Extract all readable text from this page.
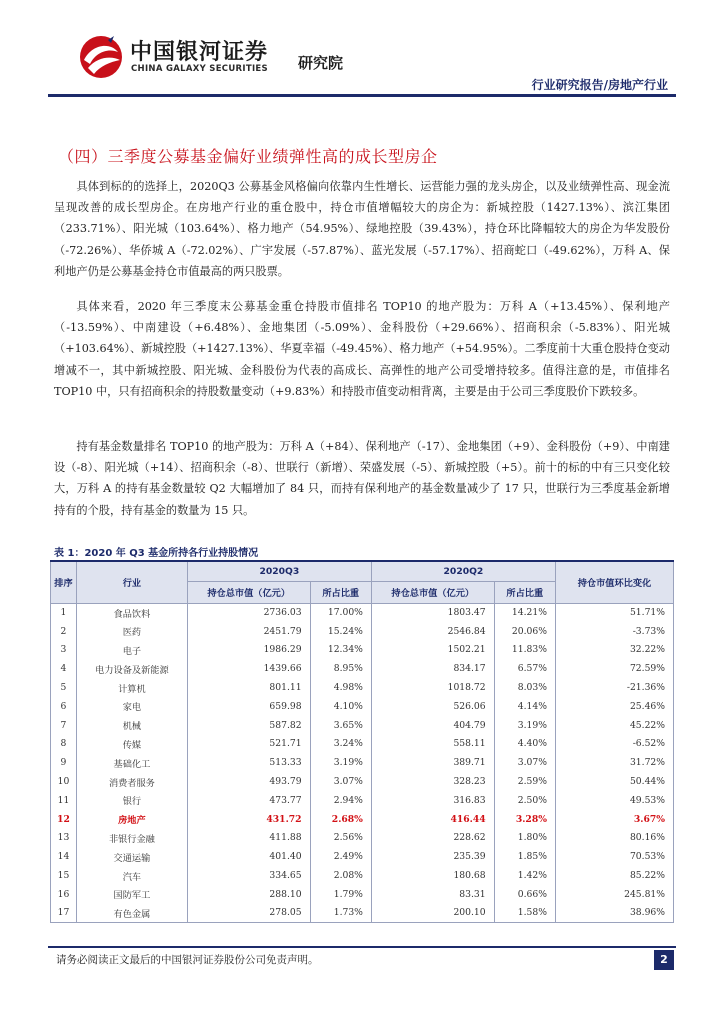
中国银河证券
CHINA GALAXY SECURITIES 研究院
行业研究报告/房地产行业
（四）三季度公募基金偏好业绩弹性高的成长型房企

具体到标的的选择上，2020Q3 公募基金风格偏向依靠内生性增长、运营能力强的龙头房企，以及业绩弹性高、现金流呈现改善的成长型房企。在房地产行业的重仓股中，持仓市值增幅较大的房企为：新城控股（1427.13%）、滨江集团（233.71%）、阳光城（103.64%）、格力地产（54.95%）、绿地控股（39.43%），持仓环比降幅较大的房企为华发股份（-72.26%）、华侨城 A（-72.02%）、广宇发展（-57.87%）、蓝光发展（-57.17%）、招商蛇口（-49.62%），万科 A、保利地产仍是公募基金持仓市值最高的两只股票。

具体来看，2020 年三季度末公募基金重仓持股市值排名 TOP10 的地产股为：万科 A（+13.45%）、保利地产（-13.59%）、中南建设（+6.48%）、金地集团（-5.09%）、金科股份（+29.66%）、招商积余（-5.83%）、阳光城（+103.64%）、新城控股（+1427.13%）、华夏幸福（-49.45%）、格力地产（+54.95%）。二季度前十大重仓股持仓变动增减不一，其中新城控股、阳光城、金科股份为代表的高成长、高弹性的地产公司受增持较多。值得注意的是，市值排名 TOP10 中，只有招商积余的持股数量变动（+9.83%）和持股市值变动相背离，主要是由于公司三季度股价下跌较多。

持有基金数量排名 TOP10 的地产股为：万科 A（+84）、保利地产（-17）、金地集团（+9）、金科股份（+9）、中南建设（-8）、阳光城（+14）、招商积余（-8）、世联行（新增）、荣盛发展（-5）、新城控股（+5）。前十的标的中有三只变化较大，万科 A 的持有基金数量较 Q2 大幅增加了 84 只，而持有保利地产的基金数量减少了 17 只，世联行为三季度基金新增持有的个股，持有基金的数量为 15 只。

表 1：2020 年 Q3 基金所持各行业持股情况
排序	行业	2020Q3		2020Q2		持仓市值环比变化
		持仓总市值（亿元）	所占比重	持仓总市值（亿元）	所占比重	
1	食品饮料	2736.03	17.00%	1803.47	14.21%	51.71%
2	医药	2451.79	15.24%	2546.84	20.06%	-3.73%
3	电子	1986.29	12.34%	1502.21	11.83%	32.22%
4	电力设备及新能源	1439.66	8.95%	834.17	6.57%	72.59%
5	计算机	801.11	4.98%	1018.72	8.03%	-21.36%
6	家电	659.98	4.10%	526.06	4.14%	25.46%
7	机械	587.82	3.65%	404.79	3.19%	45.22%
8	传媒	521.71	3.24%	558.11	4.40%	-6.52%
9	基础化工	513.33	3.19%	389.71	3.07%	31.72%
10	消费者服务	493.79	3.07%	328.23	2.59%	50.44%
11	银行	473.77	2.94%	316.83	2.50%	49.53%
12	房地产	431.72	2.68%	416.44	3.28%	3.67%
13	非银行金融	411.88	2.56%	228.62	1.80%	80.16%
14	交通运输	401.40	2.49%	235.39	1.85%	70.53%
15	汽车	334.65	2.08%	180.68	1.42%	85.22%
16	国防军工	288.10	1.79%	83.31	0.66%	245.81%
17	有色金属	278.05	1.73%	200.10	1.58%	38.96%
请务必阅读正文最后的中国银河证券股份公司免责声明。	2
